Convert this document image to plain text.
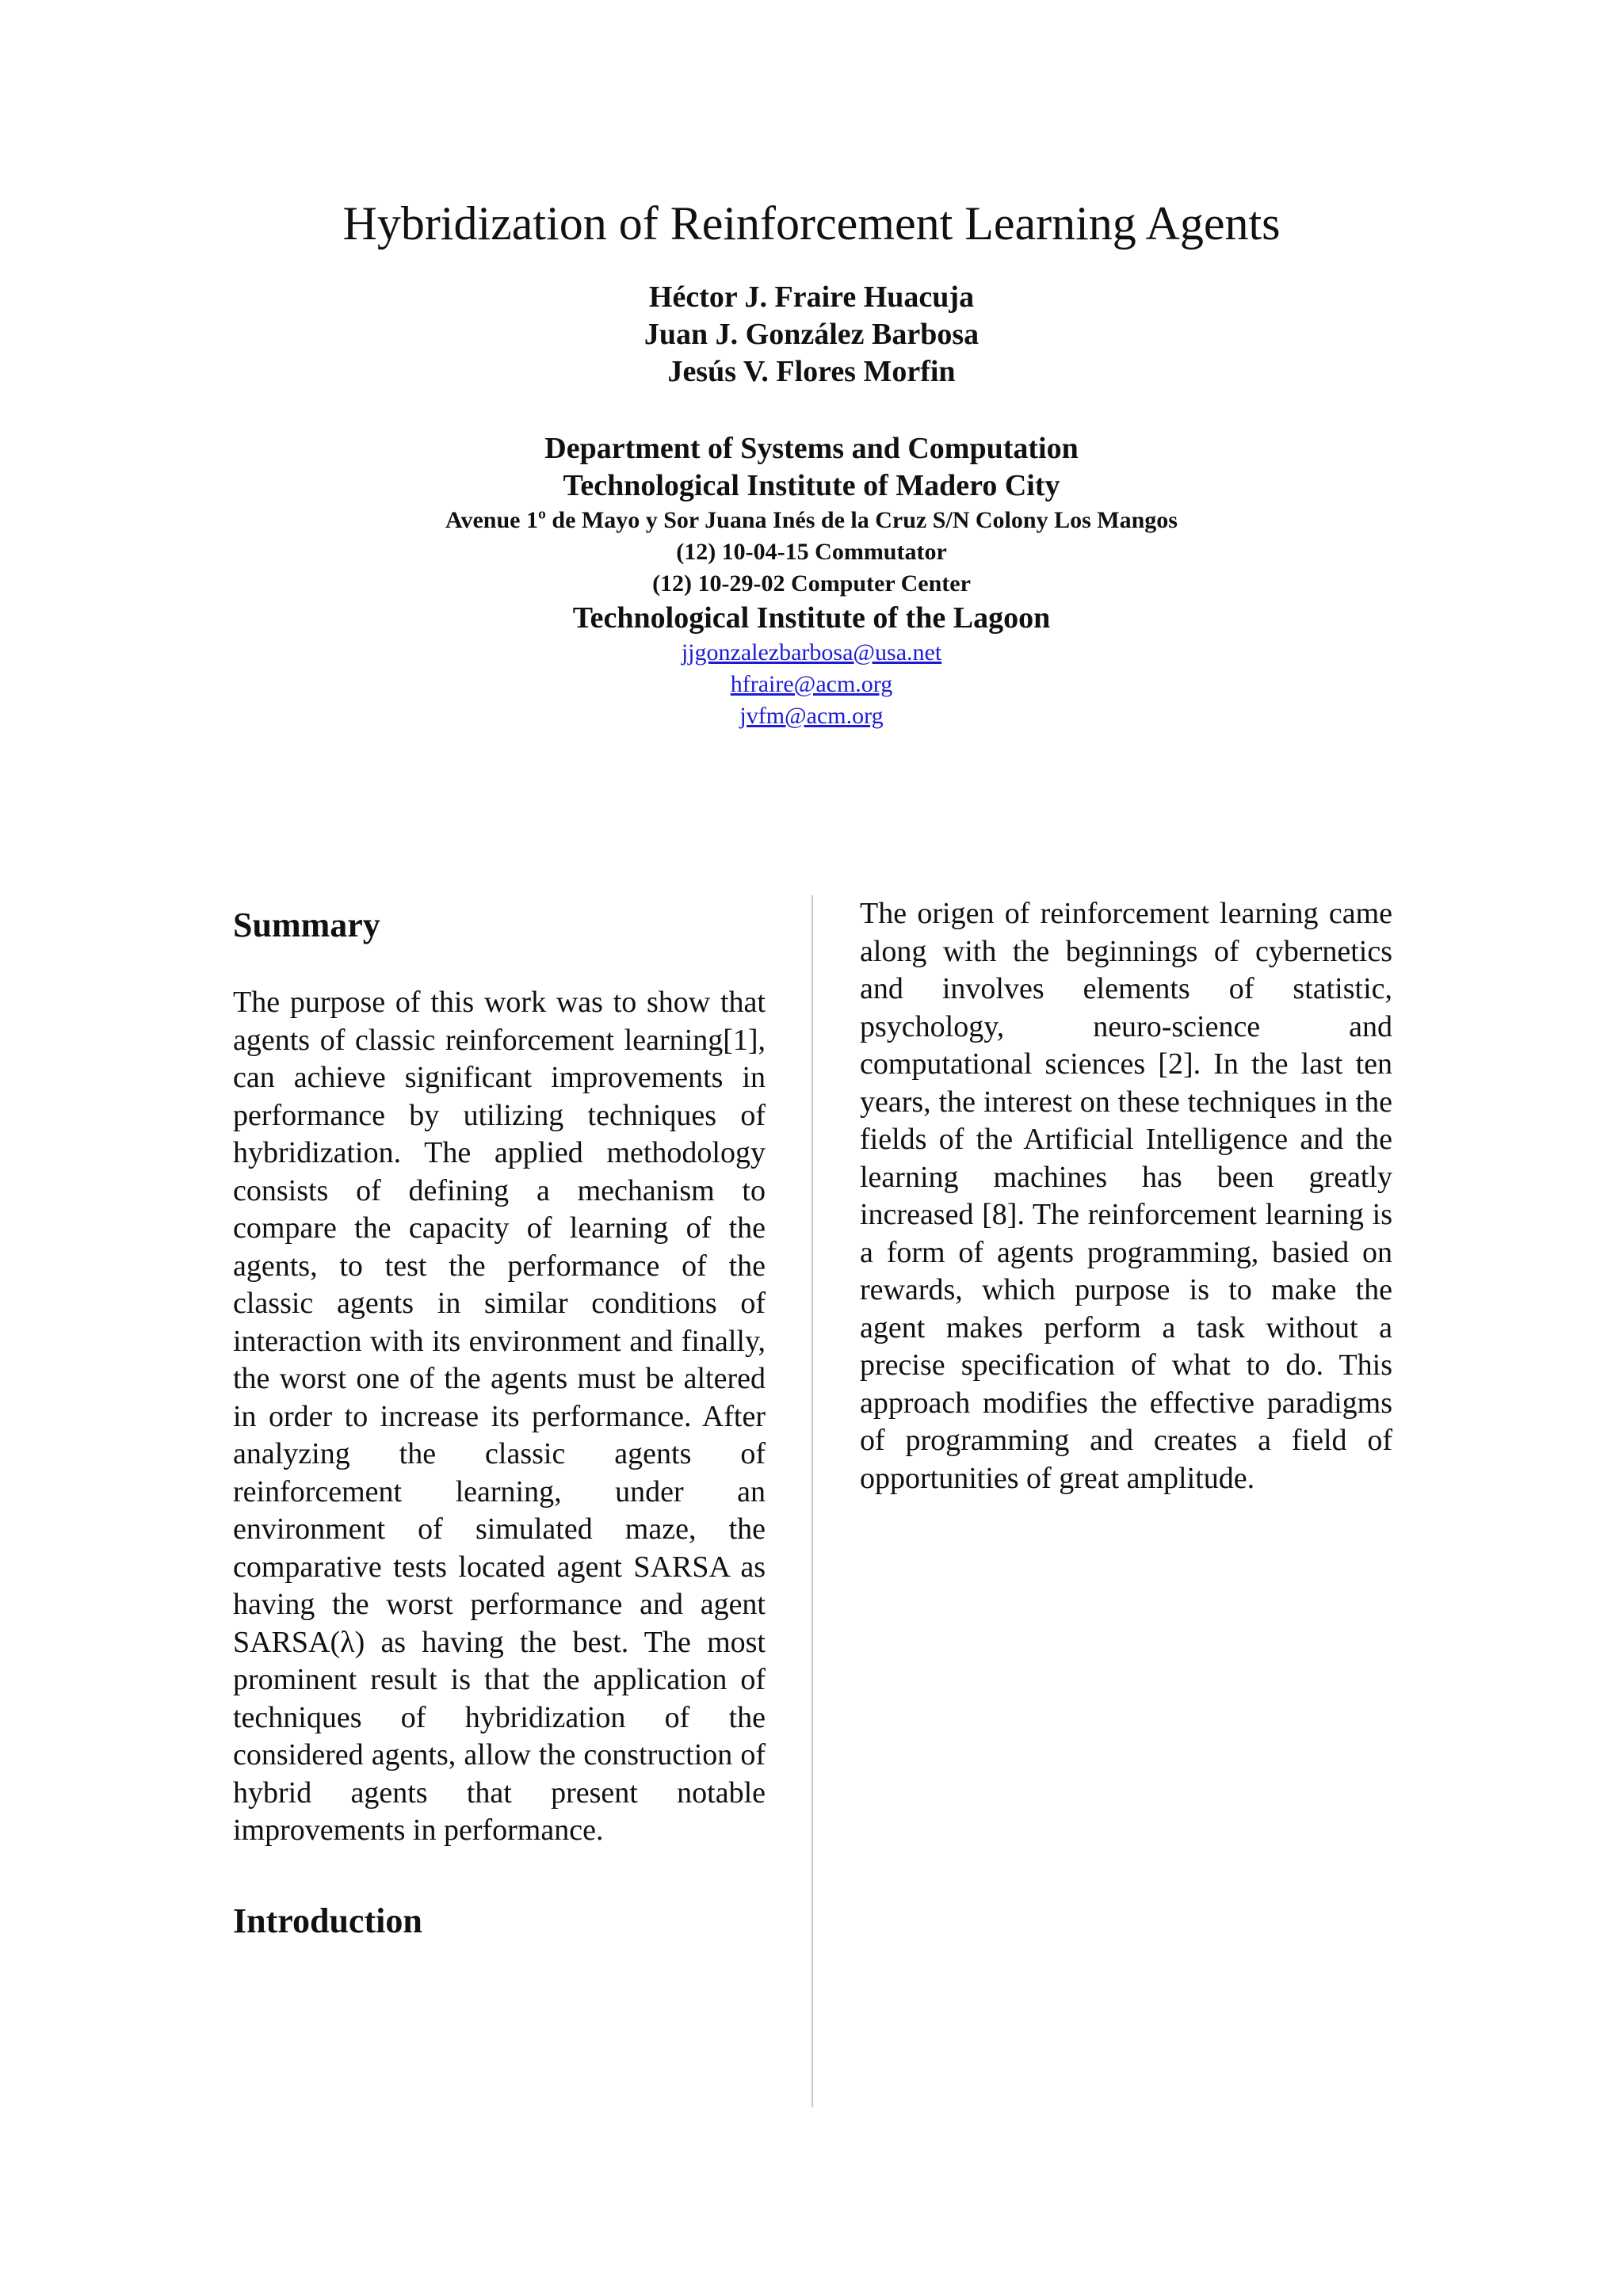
Hybridization of Reinforcement Learning Agents
Héctor J. Fraire Huacuja
Juan J. González Barbosa
Jesús V. Flores Morfin
Department of Systems and Computation
Technological Institute of Madero City
Avenue 1º de Mayo y Sor Juana Inés de la Cruz S/N Colony Los Mangos
(12) 10-04-15 Commutator
(12) 10-29-02 Computer Center
Technological Institute of the Lagoon
jjgonzalezbarbosa@usa.net
hfraire@acm.org
jvfm@acm.org
Summary

The purpose of this work was to show that agents of classic reinforcement learning[1], can achieve significant improvements in performance by utilizing techniques of hybridization. The applied methodology consists of defining a mechanism to compare the capacity of learning of the agents, to test the performance of the classic agents in similar conditions of interaction with its environment and finally, the worst one of the agents must be altered in order to increase its performance. After analyzing the classic agents of reinforcement learning, under an environment of simulated maze, the comparative tests located agent SARSA as having the worst performance and agent SARSA(λ) as having the best. The most prominent result is that the application of techniques of hybridization of the considered agents, allow the construction of hybrid agents that present notable improvements in performance.

Introduction

The origen of reinforcement learning came along with the beginnings of cybernetics and involves elements of statistic, psychology, neuro-science and computational sciences [2]. In the last ten years, the interest on these techniques in the fields of the Artificial Intelligence and the learning machines has been greatly increased [8]. The reinforcement learning is a form of agents programming, basied on rewards, which purpose is to make the agent makes perform a task without a precise specification of what to do. This approach modifies the effective paradigms of programming and creates a field of opportunities of great amplitude.
